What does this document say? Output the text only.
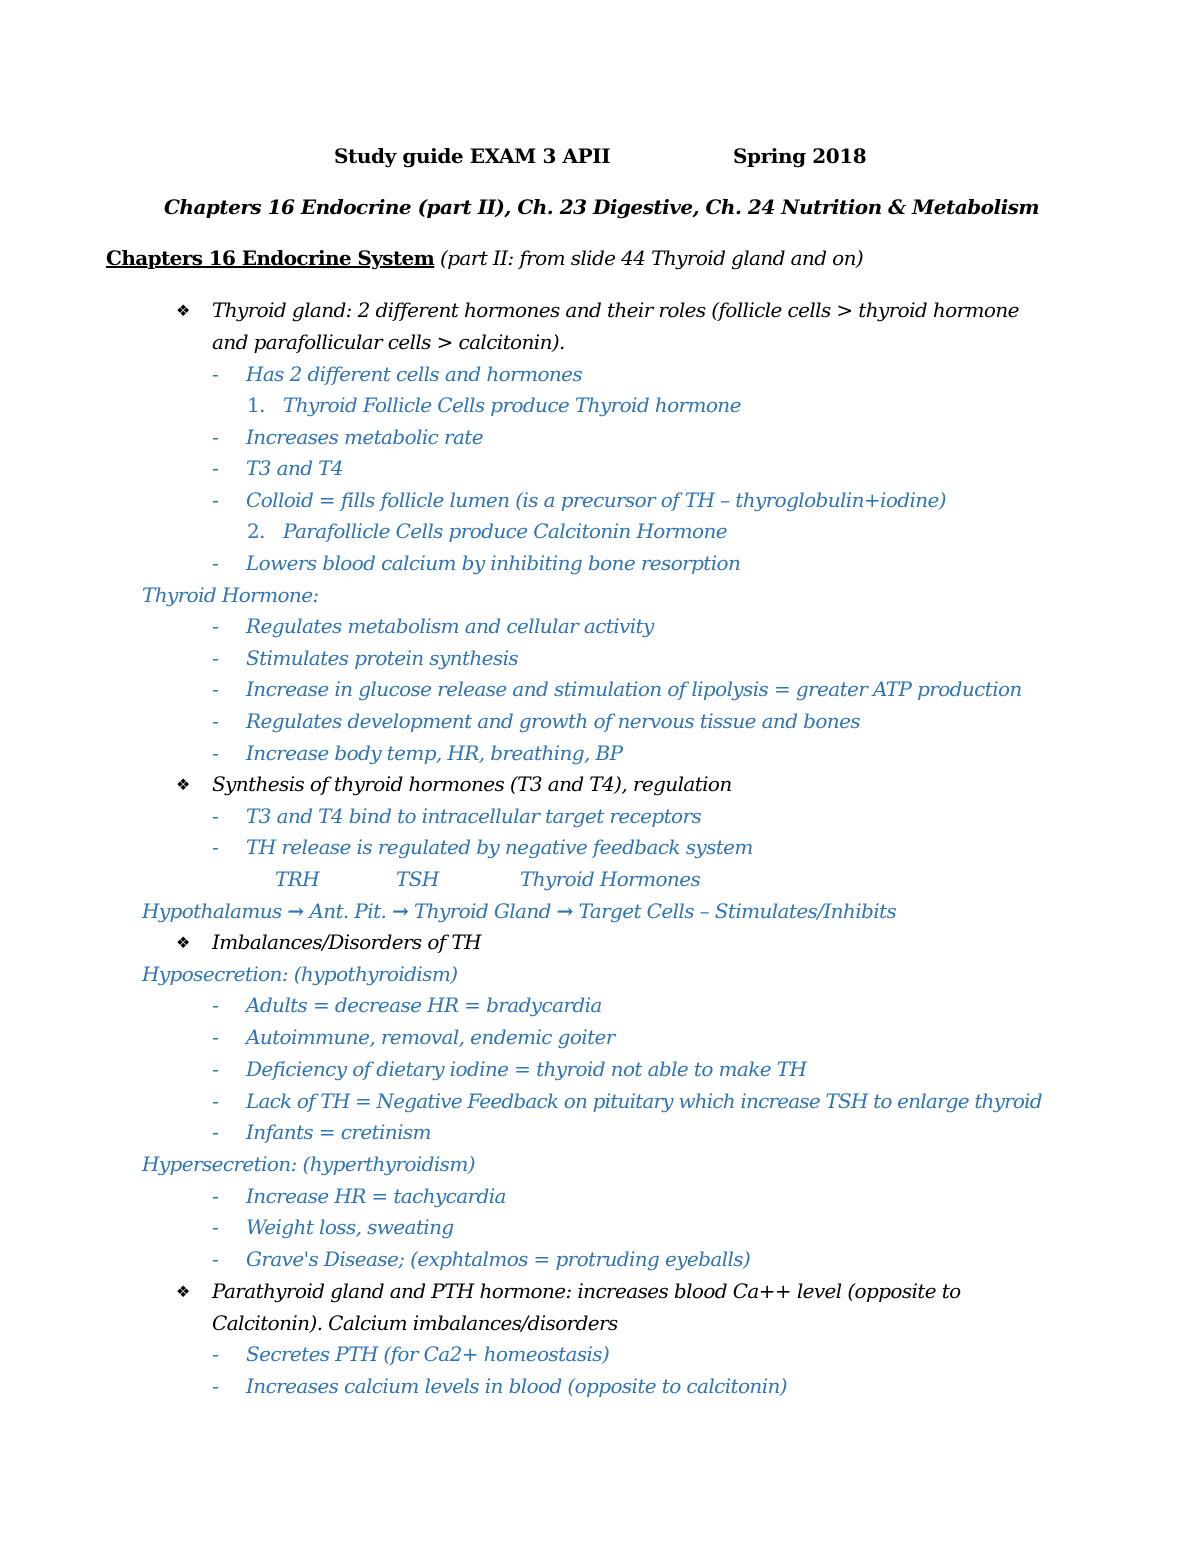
Study guide EXAM 3 APII	Spring 2018
Chapters 16 Endocrine (part II), Ch. 23 Digestive, Ch. 24 Nutrition & Metabolism
Chapters 16 Endocrine System (part II: from slide 44 Thyroid gland and on)
❖ Thyroid gland: 2 different hormones and their roles (follicle cells > thyroid hormone
and parafollicular cells > calcitonin).
- Has 2 different cells and hormones
1. Thyroid Follicle Cells produce Thyroid hormone
- Increases metabolic rate
- T3 and T4
- Colloid = fills follicle lumen (is a precursor of TH – thyroglobulin+iodine)
2. Parafollicle Cells produce Calcitonin Hormone
- Lowers blood calcium by inhibiting bone resorption
Thyroid Hormone:
- Regulates metabolism and cellular activity
- Stimulates protein synthesis
- Increase in glucose release and stimulation of lipolysis = greater ATP production
- Regulates development and growth of nervous tissue and bones
- Increase body temp, HR, breathing, BP
❖ Synthesis of thyroid hormones (T3 and T4), regulation
- T3 and T4 bind to intracellular target receptors
- TH release is regulated by negative feedback system
TRH	TSH	Thyroid Hormones
Hypothalamus → Ant. Pit. → Thyroid Gland → Target Cells – Stimulates/Inhibits
❖ Imbalances/Disorders of TH
Hyposecretion: (hypothyroidism)
- Adults = decrease HR = bradycardia
- Autoimmune, removal, endemic goiter
- Deficiency of dietary iodine = thyroid not able to make TH
- Lack of TH = Negative Feedback on pituitary which increase TSH to enlarge thyroid
- Infants = cretinism
Hypersecretion: (hyperthyroidism)
- Increase HR = tachycardia
- Weight loss, sweating
- Grave's Disease; (exphtalmos = protruding eyeballs)
❖ Parathyroid gland and PTH hormone: increases blood Ca++ level (opposite to
Calcitonin). Calcium imbalances/disorders
- Secretes PTH (for Ca2+ homeostasis)
- Increases calcium levels in blood (opposite to calcitonin)
